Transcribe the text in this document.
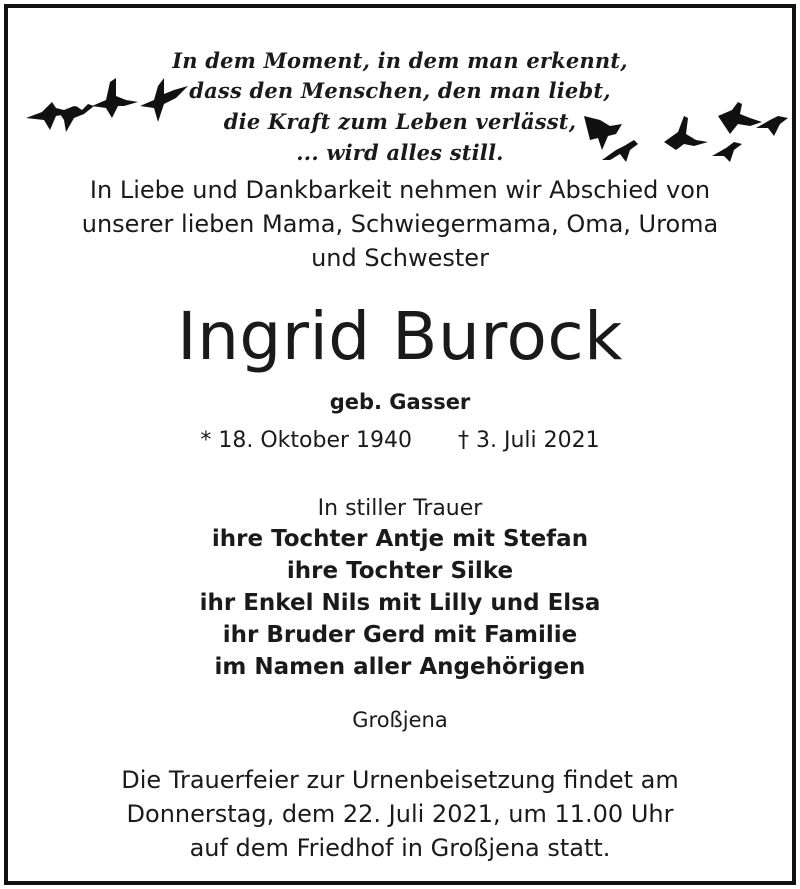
In dem Moment, in dem man erkennt,
dass den Menschen, den man liebt,
die Kraft zum Leben verlässt,
... wird alles still.
In Liebe und Dankbarkeit nehmen wir Abschied von
unserer lieben Mama, Schwiegermama, Oma, Uroma
und Schwester
Ingrid Burock
geb. Gasser
* 18. Oktober 1940 † 3. Juli 2021
In stiller Trauer
ihre Tochter Antje mit Stefan
ihre Tochter Silke
ihr Enkel Nils mit Lilly und Elsa
ihr Bruder Gerd mit Familie
im Namen aller Angehörigen
Großjena
Die Trauerfeier zur Urnenbeisetzung findet am
Donnerstag, dem 22. Juli 2021, um 11.00 Uhr
auf dem Friedhof in Großjena statt.
